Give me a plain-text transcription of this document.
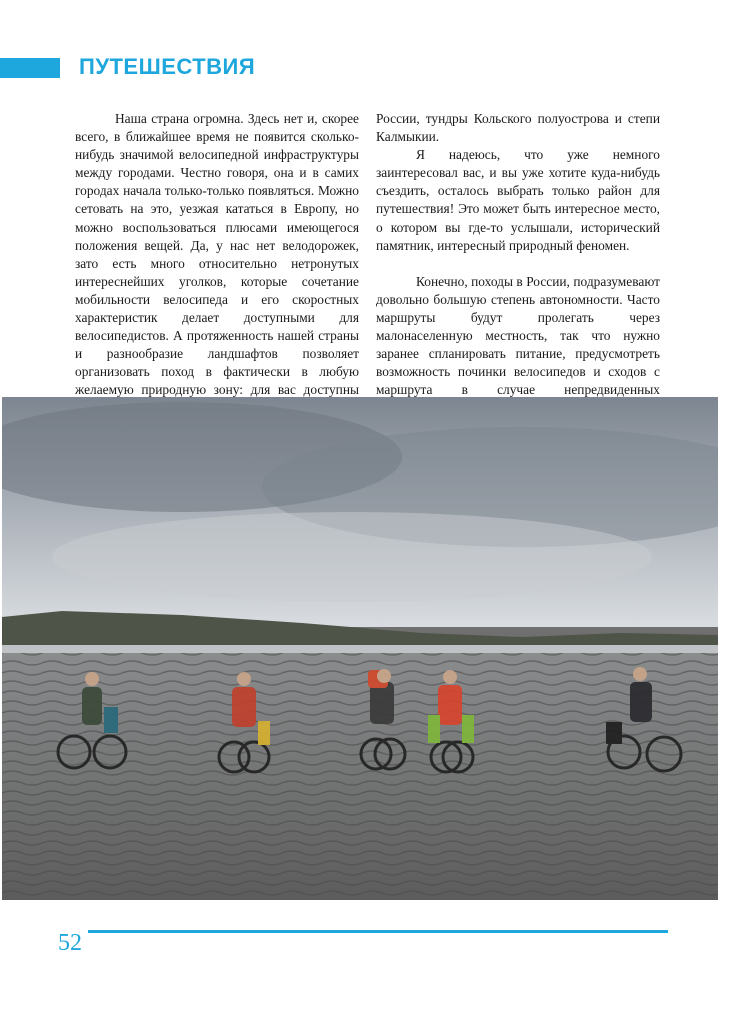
ПУТЕШЕСТВИЯ

Наша страна огромна. Здесь нет и, скорее всего, в ближайшее время не появится сколько-нибудь значимой велосипедной инфраструктуры между городами. Честно говоря, она и в самих городах начала только-только появляться. Можно сетовать на это, уезжая кататься в Европу, но можно воспользоваться плюсами имеющегося положения вещей. Да, у нас нет велодорожек, зато есть много относительно нетронутых интереснейших уголков, которые сочетание мобильности велосипеда и его скоростных характеристик делает доступными для велосипедистов. А протяженность нашей страны и разнообразие ландшафтов позволяет организовать поход в фактически в любую желаемую природную зону: для вас доступны

России, тундры Кольского полуострова и степи Калмыкии.

Я надеюсь, что уже немного заинтересовал вас, и вы уже хотите куда-нибудь съездить, осталось выбрать только район для путешествия! Это может быть интересное место, о котором вы где-то услышали, исторический памятник, интересный природный феномен.

Конечно, походы в России, подразумевают довольно большую степень автономности. Часто маршруты будут пролегать через малонаселенную местность, так что нужно заранее спланировать питание, предусмотреть возможность починки велосипедов и сходов с маршрута в случае непредвиденных

52
